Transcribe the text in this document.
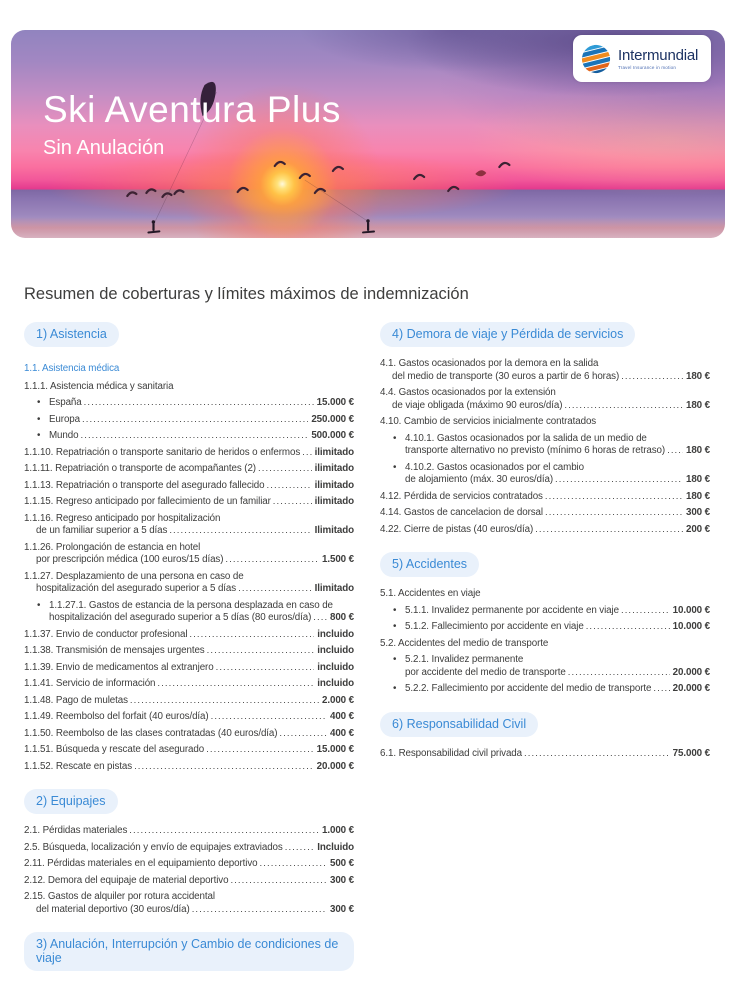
Intermundial
Travel Insurance in motion
Ski Aventura Plus
Sin Anulación
Resumen de coberturas y límites máximos de indemnización
1) Asistencia
1.1. Asistencia médica
1.1.1. Asistencia médica y sanitaria
• España .....	15.000 €
• Europa .....	250.000 €
• Mundo .....	500.000 €
1.1.10. Repatriación o transporte sanitario de heridos o enfermos ..... ilimitado
1.1.11. Repatriación o transporte de acompañantes (2) .....	ilimitado
1.1.13. Repatriación o transporte del asegurado fallecido .....	ilimitado
1.1.15. Regreso anticipado por fallecimiento de un familiar .....	ilimitado
1.1.16. Regreso anticipado por hospitalización
de un familiar superior a 5 días .....	Ilimitado
1.1.26. Prolongación de estancia en hotel
por prescripción médica (100 euros/15 días) .....	1.500 €
1.1.27. Desplazamiento de una persona en caso de
hospitalización del asegurado superior a 5 días .....	Ilimitado
• 1.1.27.1. Gastos de estancia de la persona desplazada en caso de
hospitalización del asegurado superior a 5 días (80 euros/día) ..... 800 €
1.1.37. Envio de conductor profesional .....	incluido
1.1.38. Transmisión de mensajes urgentes .....	incluido
1.1.39. Envio de medicamentos al extranjero .....	incluido
1.1.41. Servicio de información .....	incluido
1.1.48. Pago de muletas .....	2.000 €
1.1.49. Reembolso del forfait (40 euros/día) .....	400 €
1.1.50. Reembolso de las clases contratadas (40 euros/día) .....	400 €
1.1.51. Búsqueda y rescate del asegurado .....	15.000 €
1.1.52. Rescate en pistas .....	20.000 €
2) Equipajes
2.1. Pérdidas materiales .....	1.000 €
2.5. Búsqueda, localización y envío de equipajes extraviados .....	Incluido
2.11. Pérdidas materiales en el equipamiento deportivo .....	500 €
2.12. Demora del equipaje de material deportivo .....	300 €
2.15. Gastos de alquiler por rotura accidental
del material deportivo (30 euros/día) .....	300 €
3) Anulación, Interrupción y Cambio de condiciones de viaje
4) Demora de viaje y Pérdida de servicios
4.1. Gastos ocasionados por la demora en la salida
del medio de transporte (30 euros a partir de 6 horas) .....	180 €
4.4. Gastos ocasionados por la extensión
de viaje obligada (máximo 90 euros/día) .....	180 €
4.10. Cambio de servicios inicialmente contratados
• 4.10.1. Gastos ocasionados por la salida de un medio de
transporte alternativo no previsto (mínimo 6 horas de retraso) ..... 180 €
• 4.10.2. Gastos ocasionados por el cambio
de alojamiento (máx. 30 euros/día) .....	180 €
4.12. Pérdida de servicios contratados .....	180 €
4.14. Gastos de cancelacion de dorsal .....	300 €
4.22. Cierre de pistas (40 euros/día) .....	200 €
5) Accidentes
5.1. Accidentes en viaje
• 5.1.1. Invalidez permanente por accidente en viaje .....	10.000 €
• 5.1.2. Fallecimiento por accidente en viaje .....	10.000 €
5.2. Accidentes del medio de transporte
• 5.2.1. Invalidez permanente
por accidente del medio de transporte .....	20.000 €
• 5.2.2. Fallecimiento por accidente del medio de transporte ..... 20.000 €
6) Responsabilidad Civil
6.1. Responsabilidad civil privada .....	75.000 €
